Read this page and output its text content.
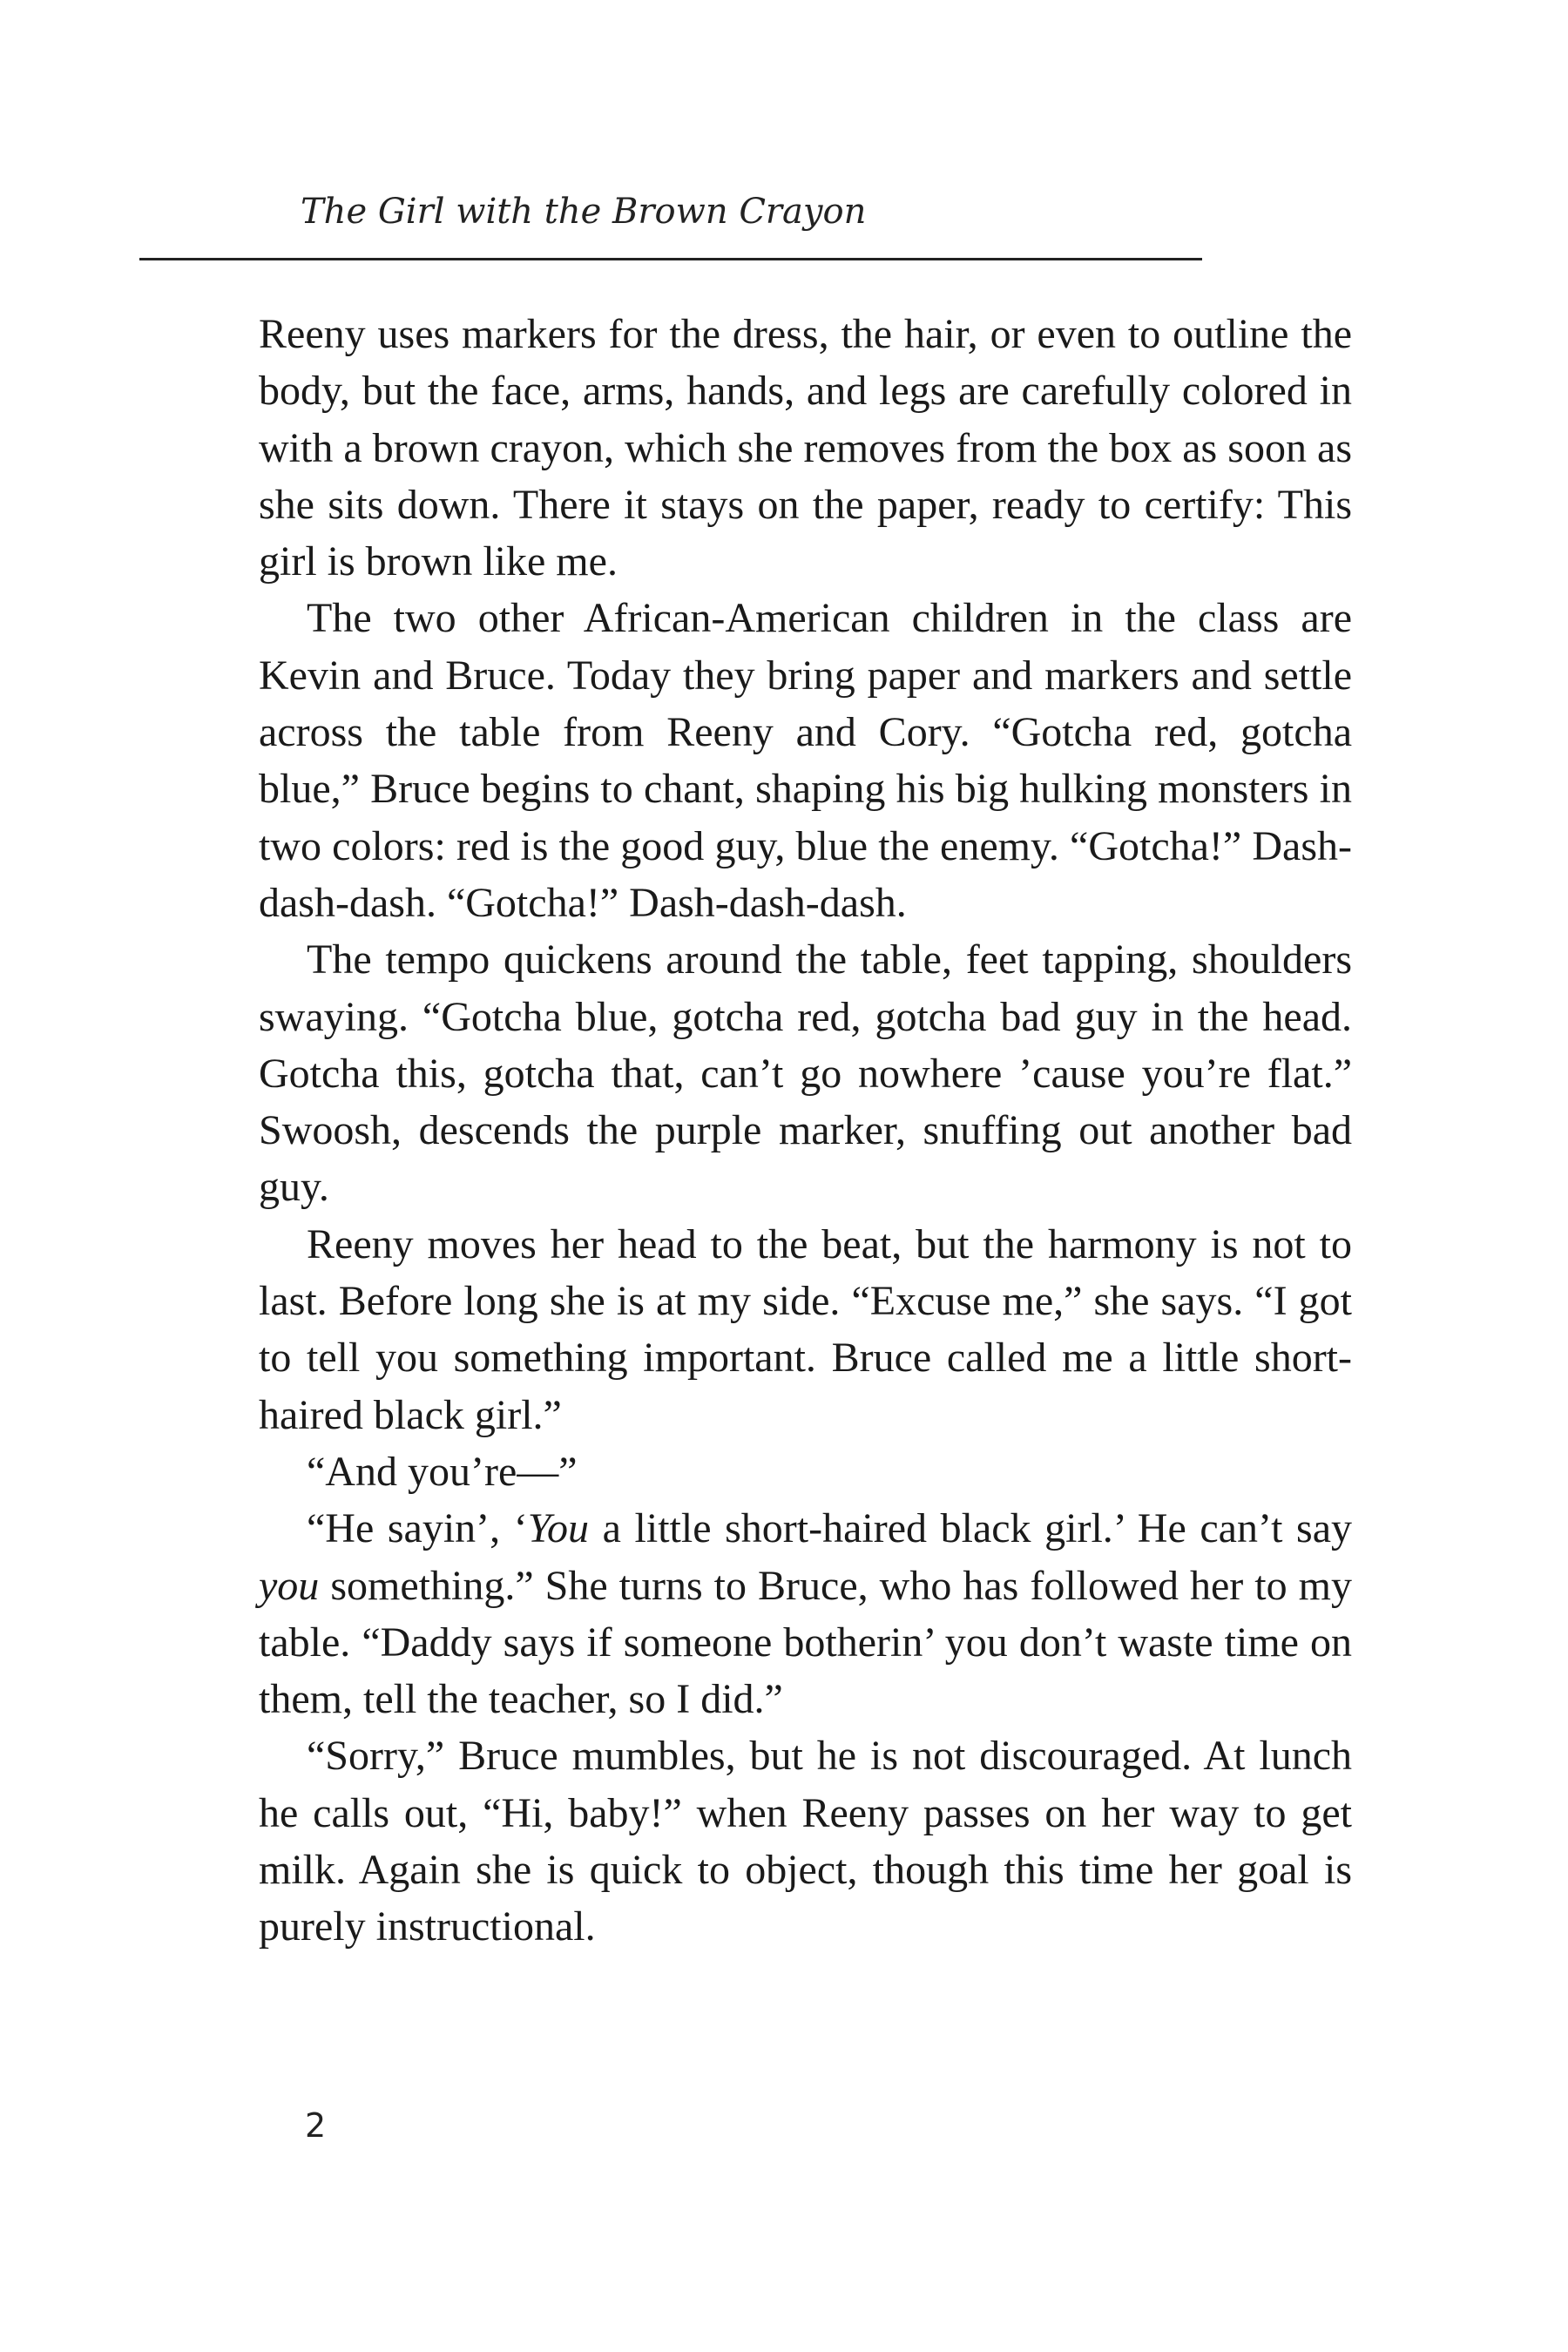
The Girl with the Brown Crayon

Reeny uses markers for the dress, the hair, or even to outline the body, but the face, arms, hands, and legs are carefully colored in with a brown crayon, which she removes from the box as soon as she sits down. There it stays on the paper, ready to certify: This girl is brown like me.

The two other African-American children in the class are Kevin and Bruce. Today they bring paper and markers and settle across the table from Reeny and Cory. “Gotcha red, gotcha blue,” Bruce begins to chant, shaping his big hulking monsters in two colors: red is the good guy, blue the enemy. “Gotcha!” Dash-dash-dash. “Gotcha!” Dash-dash-dash.

The tempo quickens around the table, feet tapping, shoulders swaying. “Gotcha blue, gotcha red, gotcha bad guy in the head. Gotcha this, gotcha that, can’t go nowhere ’cause you’re flat.” Swoosh, descends the purple marker, snuffing out another bad guy.

Reeny moves her head to the beat, but the harmony is not to last. Before long she is at my side. “Excuse me,” she says. “I got to tell you something important. Bruce called me a little short-haired black girl.”

“And you’re—”

“He sayin’, ‘You a little short-haired black girl.’ He can’t say you something.” She turns to Bruce, who has followed her to my table. “Daddy says if someone botherin’ you don’t waste time on them, tell the teacher, so I did.”

“Sorry,” Bruce mumbles, but he is not discouraged. At lunch he calls out, “Hi, baby!” when Reeny passes on her way to get milk. Again she is quick to object, though this time her goal is purely instructional.

2
